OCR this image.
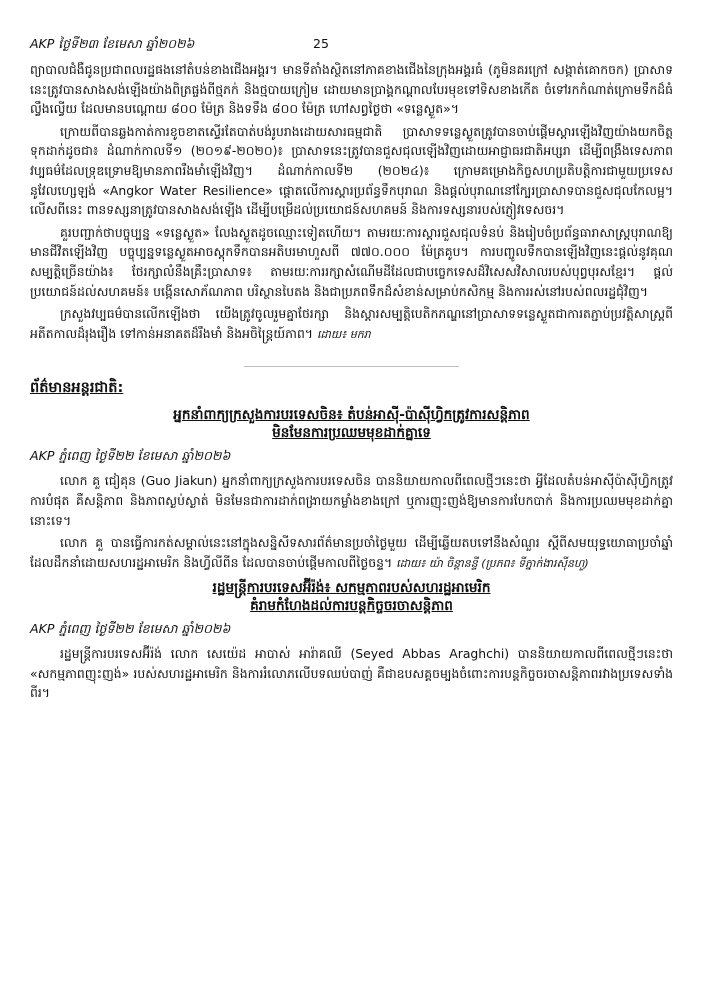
AKP ថ្ងៃទី២៣ ខែមេសា ឆ្នាំ២០២៦	25

ព្យាបាលជំងឺជូនប្រជាពលរដ្ឋផងនៅតំបន់ខាងជើងអង្គរ។ មានទីតាំងស្ថិតនៅភាគខាងជើងនៃក្រុងអង្គរធំ (ភូមិនគរក្រៅ សង្កាត់គោកចក) ប្រាសាទនេះត្រូវបានសាងសង់ឡើងយ៉ាងពិត្រផ្ចង់ពីថ្មភក់ និងថ្មបាយក្រៀម ដោយមានប្រាង្គកណ្ដាលបែរមុខទៅទិសខាងកើត ចំទៅរកកំណាត់ក្រោមទឹកដ៏ធំល្វឹងល្វើយ ដែលមានបណ្ដោយ ៨០០ ម៉ែត្រ និងទទឹង ៨០០ ម៉ែត្រ ហៅសព្វថ្ងៃថា «ទន្លេស្ងួត»។

ក្រោយពីបានឆ្លងកាត់ការខូចខាតស្ទើរតែបាត់បង់រូបរាងដោយសារធម្មជាតិ ប្រាសាទទន្លេស្ងួតត្រូវបានចាប់ផ្ដើមស្ដារឡើងវិញយ៉ាងយកចិត្តទុកដាក់ដូចជា៖ ដំណាក់កាលទី១ (២០១៩-២០២០)៖ ប្រាសាទនេះត្រូវបានជួសជុលឡើងវិញដោយអាជ្ញាធរជាតិអប្សរា ដើម្បីពង្រឹងទេសភាពវប្បធម៌ដែលទ្រុឌទ្រោមឱ្យមានភាពរឹងមាំឡើងវិញ។ ដំណាក់កាលទី២ (២០២៤)៖ ក្រោមគម្រោងកិច្ចសហប្រតិបត្តិការជាមួយប្រទេសនូវែលហ្សេឡង់ «Angkor Water Resilience» ផ្ដោតលើការស្ដារប្រព័ន្ធទឹកបុរាណ និងផ្តល់បុរាណនៅក្បែរប្រាសាទបានជួសជុលកែលម្អ។ លើសពីនេះ ពានទស្សនាត្រូវបានសាងសង់ឡើង ដើម្បីបម្រើដល់ប្រយោជន៍សហគមន៍ និងការទស្សនារបស់ភ្ញៀវទេសចរ។

គួរបញ្ជាក់ថាបច្ចុប្បន្ន «ទន្លេស្ងួត» លែងស្ងួតដូចឈ្មោះទៀតហើយ។ តាមរយៈការស្ដារជួសជុលទំនប់ និងរៀបចំប្រព័ន្ធធារាសាស្ត្របុរាណឱ្យមានជីវិតឡើងវិញ បច្ចុប្បន្នទន្លេស្ងួតអាចស្ដុកទឹកបានអតិបរមាហួសពី ៧៧០.០០០ ម៉ែត្រគូប។ ការបញ្ចូលទឹកបានឡើងវិញនេះផ្ដល់នូវគុណសម្បត្តិច្រើនយ៉ាង៖ ថែរក្សាលំនឹងគ្រឹះប្រាសាទ៖ តាមរយៈការរក្សាសំណើមដីដែលជាបច្ចេកទេសដ៏វិសេសវិសាលរបស់បុព្វបុរសខ្មែរ។ ផ្ដល់ប្រយោជន៍ដល់សហគមន៍៖ បង្កើនសោភ័ណភាព បរិស្ថានបៃតង និងជាប្រភពទឹកដ៏សំខាន់សម្រាប់កសិកម្ម និងការរស់នៅរបស់ពលរដ្ឋជុំវិញ។

ក្រសួងវប្បធម៌បានលើកឡើងថា យើងត្រូវចូលរួមគ្នាថែរក្សា និងស្ដារសម្បត្តិបេតិកភណ្ឌនៅប្រាសាទទន្លេស្ងួតជាការតភ្ជាប់ប្រវត្តិសាស្ត្រពីអតីតកាលដ៏រុងរឿង ទៅកាន់អនាគតដ៏រឹងមាំ និងអចិន្ត្រៃយ៍ភាព។ ដោយ៖ មករា

ព័ត៌មានអន្តរជាតិ:
អ្នកនាំពាក្យក្រសួងការបរទេសចិន៖ តំបន់អាស៊ី-ប៉ាស៊ីហ្វិកត្រូវការសន្តិភាព
មិនមែនការប្រឈមមុខដាក់គ្នាទេ
AKP ភ្នំពេញ ថ្ងៃទី២២ ខែមេសា ឆ្នាំ២០២៦

លោក គួ ជៀគុន (Guo Jiakun) អ្នកនាំពាក្យក្រសួងការបរទេសចិន បាននិយាយកាលពីពេលថ្មីៗនេះថា អ្វីដែលតំបន់អាស៊ីប៉ាស៊ីហ្វិកត្រូវការបំផុត គឺសន្តិភាព និងភាពស្ងប់ស្ងាត់ មិនមែនជាការដាក់ពង្រាយកម្លាំងខាងក្រៅ ឬការញុះញង់ឱ្យមានការបែកបាក់ និងការប្រឈមមុខដាក់គ្នានោះទេ។

លោក គួ បានធ្វើការកត់សម្គាល់នេះនៅក្នុងសន្និសីទសារព័ត៌មានប្រចាំថ្ងៃមួយ ដើម្បីឆ្លើយតបទៅនឹងសំណួរ ស្ដីពីសមយុទ្ធយោធាប្រចាំឆ្នាំ ដែលដឹកនាំដោយសហរដ្ឋអាមេរិក និងហ្វីលីពីន ដែលបានចាប់ផ្ដើមកាលពីថ្ងៃចន្ទ។ ដោយ៖ យ៉ា ចិន្តានន្ទី (ប្រភព៖ ទីភ្នាក់ងារស៊ីនហួ)

រដ្ឋមន្ត្រីការបរទេសអ៊ីរ៉ង់៖ សកម្មភាពរបស់សហរដ្ឋអាមេរិក
គំរាមកំហែងដល់ការបន្តកិច្ចចរចាសន្តិភាព
AKP ភ្នំពេញ ថ្ងៃទី២២ ខែមេសា ឆ្នាំ២០២៦

រដ្ឋមន្ត្រីការបរទេសអ៊ីរ៉ង់ លោក សេយ៉េដ អាបាស់ អារ៉ាគឈី (Seyed Abbas Araghchi) បាននិយាយកាលពីពេលថ្មីៗនេះថា «សកម្មភាពញុះញង់» របស់សហរដ្ឋអាមេរិក និងការរំលោភលើបទឈប់បាញ់ គឺជាឧបសគ្គចម្បងចំពោះការបន្តកិច្ចចរចាសន្តិភាពរវាងប្រទេសទាំងពីរ។
